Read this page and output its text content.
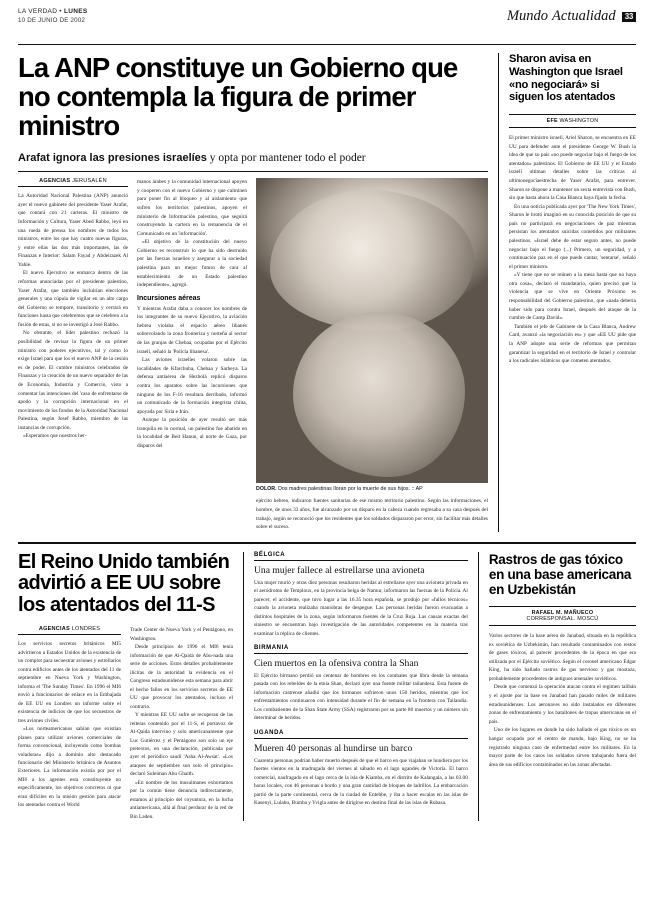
LA VERDAD • LUNES
10 DE JUNIO DE 2002	Mundo Actualidad	33
La ANP constituye un Gobierno que no contempla la figura de primer ministro
Arafat ignora las presiones israelíes y opta por mantener todo el poder
AGENCIAS JERUSALÉN

La Autoridad Nacional Palestina (ANP) anunció ayer el nuevo gabinete del presidente Yaser Arafat, que contará con 21 carteras. El ministro de Información y Cultura, Yaser Abed Rabbo, leyó en una rueda de prensa los nombres de todos los ministros, entre los que hay cuatro nuevas figuras, y entre ellas las dos más importantes, las de Finanzas e Interior: Salam Fayad y Abdelrazek Al Yahie.

El nuevo Ejecutivo se enmarca dentro de las reformas anunciadas por el presidente palestino, Yaser Arafat, que también incluirían elecciones generales y una cúpula de vigilar en un alto cargo del Gobierno se tempore, transitorio y cerrará en funciones hasta que celebremos que se celebren a la fusión de estas, si no se investigó a José Rabbo.

No obstante, el líder palestino rechazó la posibilidad de revisar la figura de un primer ministro con poderes ejecutivos, tal y como lo exige Israel para que los el nuevo ANP de la cesión es de poder. El cumbre ministros celebrados de Finanzas y la creación de un nuevo separador de las de Economía, Industria y Comercio, visto a comentar las intenciones del 'caso de enfrentarse de apodo y la corrupción internacional en el movimiento de los fondos de la Autoridad Nacional Palestina, según Josef Rabbo, miembro de las instancias de corrupción.

«Esperamos que nuestros her-

manos árabes y la comunidad internacional apoyen y cooperen con el nuevo Gobierno y que culminen para poner fin al bloqueo y al aislamiento que sufren los territorios palestinos, apoyen el ministerio de Información palestino, que seguirá construyendo la cartera en la remanencia de el Comunicado en un 'información'.

«El objetivo de la constitución del nuevo Gobierno es reconstruir lo que ha sido destruido por las fuerzas israelíes y asegurar a la sociedad palestina para un mejor futuro de cara al establecimiento de un Estado palestino independiente», agregó.

Incursiones aéreas

Y mientras Arafat daba a conocer los nombres de los integrantes de su nuevo Ejecutivo, la aviación hebrea violaba el espacio aéreo libanés sobrevolando la zona fronteriza y norteña al sector de las granjas de Chebaa, ocupadas por el Ejército israelí, señaló la 'Policía libanesa'.

Las aviones israelíes volaron sobre las localidades de Kfarchuba, Chebaa y Sarheya. La defensa antiaérea de Hezbolá replicó disparos contra los aparatos sobre las incursiones que ninguno de los F-16 resultara derribado, informó un comunicado de la formación integrista chiita, apoyada por Siria e Irán.

Aunque la posición de ayer resultó ser más tranquila en lo normal, un palestino fue abatido en la localidad de Beit Hanun, al norte de Gaza, por disparos del

DOLOR. Dos madres palestinas lloran por la muerte de sus hijos. :: AP

ejército hebreo, indicaron fuentes sanitarias de ese mismo territorio palestino. Según las informaciones, el hombre, de unos 33 años, fue alcanzado por un disparo en la cabeza cuando regresaba a su casa después del trabajo, según se reconoció que los residentes que los soldados dispararon por error, sin facilitar más detalles sobre el suceso.

Sharon avisa en Washington que Israel «no negociará» si siguen los atentados
EFE WASHINGTON

El primer ministro israelí, Ariel Sharon, se encuentra en EE UU para defender ante el presidente George W. Bush la idea de que su país «no puede negociar bajo el fuego de los atentados» palestinos. El Gobierno de EE UU y el Estado israelí ultiman detalles sobre las críticas al ultimonegociaestrecha de Yaser Arafat, para entrever. Sharon se dispone a mantener un sexta entrevista con Bush, sin que hasta ahora la Casa Blanca haya fijado la fecha.

En una noticia publicada ayer por 'The New York Times', Sharon le brotó imaginó en su conocida posición de que su país no participará en negociaciones de paz mientras persistan los atentados suicidas cometidos por militantes palestinos. «Israel debe de estar seguro antes, no puede negociar bajo el fuego (...) Primero, un seguridad, y a continuación paz en el que puede cantar, 'sentarse', señaló el primer ministro.

«Y tiene que no se reúnen a la mesa hasta que no haya otra cosa», declaró el mandatario, quien precisó que la violencia que se vive en Oriente Próximo es responsabilidad del Gobierno palestino, que «nada debería haber sido para contra Israel, después del ataque de la cumbre de Camp David».

También el jefe de Gabinete de la Casa Blanca, Andrew Card, avanzó «la negociación es» y que «EE UU pide que la ANP adopte una serie de reformas que permitan garantizar la seguridad en el territorio de Israel y controlar a los radicales islámicos que cometen atentados.

El Reino Unido también advirtió a EE UU sobre los atentados del 11-S
AGENCIAS LONDRES

Los servicios secretos británicos MI5 advirtieron a Estados Unidos de la existencia de un complot para secuestrar aviones y estrellarlos contra edificios antes de los atentados del 11 de septiembre en Nueva York y Washington, informa el 'The Sunday Times'. En 1996 el MI6 envió a funcionarios de enlace en la Embajada de EE UU en Londres un informe sobre el existencia de indicios de que los secuestros de tres aviones civiles.

«Los norteamericanos sabían que existían planes para utilizar aviones comerciales de forma convencional, incluyendo como bombas voladoras» dijo a dominio alto destacado funcionario del Ministerio británico de Asuntos Exteriores. La información existía por por el MI6 a los agentes esta constituyente no específicamente, los objetivos concretos ni que eran difíciles en la misión gestión para atacar los atentados contra el World

Trade Center de Nueva York y el Pentágono, en Washington.

Desde principios de 1996 el MI6 tenía información de que Al-Qaida de Abu-nada una serie de acciones. Estos detalles probablemente ilícitas de la autoridad la evidencia en el Congreso estadounidense esta semana para abrir el hecho fallos en los servicios secretos de EE UU que provocar los atentados, incluso el contrario.

Y mientras EE UU sufre se recuperan de las reiteras contenido por el 11-S, el portavoz de Al-Qaida intervino y solo americanamente que Luc Gutiérrez y el Pentágono son solo un eje pretextos, en una declaración, publicada por ayer el periódico saudí 'Asha Al-Awsat'. «Los ataques de septiembre son solo el principio» declaró Suleiman Abu Ghaith.

«En nombre de los musulmanes exhortamos por la común tiene denuncia indirectamente, estamos al principio del coyuntura, en la lucha antiamericana, allá al final perdurar de la red de Bin Laden.

BÉLGICA
Una mujer fallece al estrellarse una avioneta

Una mujer murió y otras diez personas resultaron heridas al estrellarse ayer una avioneta privada en el aeródromo de Temploux, en la provincia belga de Namur, informaron las fuerzas de la Policía. Al parecer, el accidente, que tuvo lugar a las 16.35 hora española, se produjo por «fallos técnicos» cuando la avioneta realizaba maniobras de despegue. Las personas heridas fueron evacuadas a distintos hospitales de la zona, según informaron fuentes de la Cruz Roja. Las causas exactas del siniestro se encuentran bajo investigación de las autoridades competentes en la materia tras examinar la réplica de clientes.

BIRMANIA
Cien muertos en la ofensiva contra la Shan

El Ejército birmano perdió un centenar de hombres en los combates que libra desde la semana pasada con los rebeldes de la etnia Shan, declaró ayer una fuente militar tailandesa. Esta fuente de información castrense añadió que los birmanos sufrieron unos 150 heridos, mientras que los enfrentamientos continuaron con intensidad durante el fin de semana en la frontera con Tailandia. Los combatientes de la Shan State Army (SSA) registraron por su parte 80 muertos y un número sin determinar de heridos.

UGANDA
Mueren 40 personas al hundirse un barco

Cuarenta personas podrían haber muerto después de que el barco en que viajaban se hundiera por los fuertes vientos en la madrugada del viernes al sábado en el lago ugandés de Victoria. El barco comercial, naufragado en el lago cerca de la isla de Kiamba, en el distrito de Kalangala, a las 03.00 horas locales, con 46 personas a bordo y una gran cantidad de bloques de ladrillos. La embarcación partió de la parte continental, cerca de la ciudad de Entebbe, y iba a hacer escalas en las islas de Kasenyi, Lulabu, Bumba y Yvigla antes de dirigirse en destino final de las islas de Rubasa.

Rastros de gas tóxico en una base americana en Uzbekistán
RAFAEL M. MAÑUECO
CORRESPONSAL. MOSCÚ

Varios sectores de la base aérea de Janabad, situada en la república ex soviética de Uzbekistán, han resultado contaminados con restos de gases tóxicos, al parecer procedentes de la época en que era utilizada por el Ejército soviético. Según el coronel americano Edgar King, ha sido hallado rastros de gas nervioso y gas mostaza, probablemente procedentes de antiguos arsenales soviéticos.

Desde que comenzó la operación atacan contra el regimen talibán y el ajuste por la base en Janabad han pasado miles de militares estadounidenses. Los aeronaves no sido instalados en diferentes zonas de enfrentamiento y los batallones de tropas americanas en el país.

Uno de los lugares en donde ha sido hallado el gas tóxico es un hangar ocupado por el centro de mando, bajo King, no se ha registrado ninguna caso de enfermedad entre los militares. En la mayor parte de los casos los soldados sirven trabajando fuera del área de sus edificios contaminados en las zonas afectadas.
